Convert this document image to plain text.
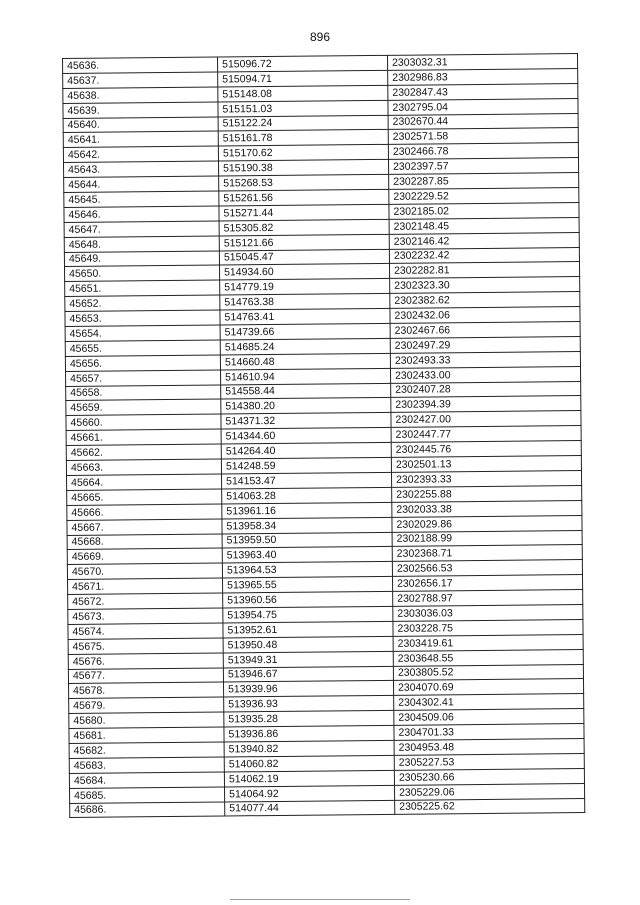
896
45636.	515096.72	2303032.31
45637.	515094.71	2302986.83
45638.	515148.08	2302847.43
45639.	515151.03	2302795.04
45640.	515122.24	2302670.44
45641.	515161.78	2302571.58
45642.	515170.62	2302466.78
45643.	515190.38	2302397.57
45644.	515268.53	2302287.85
45645.	515261.56	2302229.52
45646.	515271.44	2302185.02
45647.	515305.82	2302148.45
45648.	515121.66	2302146.42
45649.	515045.47	2302232.42
45650.	514934.60	2302282.81
45651.	514779.19	2302323.30
45652.	514763.38	2302382.62
45653.	514763.41	2302432.06
45654.	514739.66	2302467.66
45655.	514685.24	2302497.29
45656.	514660.48	2302493.33
45657.	514610.94	2302433.00
45658.	514558.44	2302407.28
45659.	514380.20	2302394.39
45660.	514371.32	2302427.00
45661.	514344.60	2302447.77
45662.	514264.40	2302445.76
45663.	514248.59	2302501.13
45664.	514153.47	2302393.33
45665.	514063.28	2302255.88
45666.	513961.16	2302033.38
45667.	513958.34	2302029.86
45668.	513959.50	2302188.99
45669.	513963.40	2302368.71
45670.	513964.53	2302566.53
45671.	513965.55	2302656.17
45672.	513960.56	2302788.97
45673.	513954.75	2303036.03
45674.	513952.61	2303228.75
45675.	513950.48	2303419.61
45676.	513949.31	2303648.55
45677.	513946.67	2303805.52
45678.	513939.96	2304070.69
45679.	513936.93	2304302.41
45680.	513935.28	2304509.06
45681.	513936.86	2304701.33
45682.	513940.82	2304953.48
45683.	514060.82	2305227.53
45684.	514062.19	2305230.66
45685.	514064.92	2305229.06
45686.	514077.44	2305225.62
